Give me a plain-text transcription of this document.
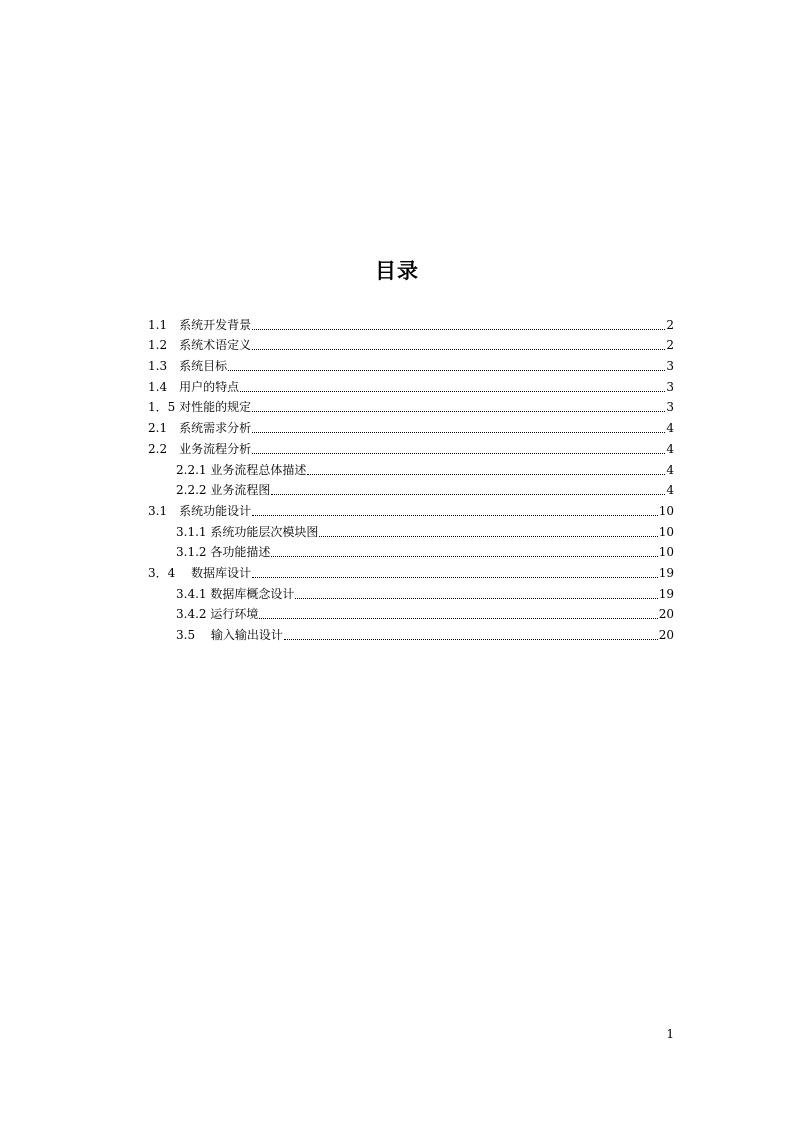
目录
1.1　系统开发背景	2
1.2　系统术语定义	2
1.3　系统目标	3
1.4　用户的特点	3
1．5 对性能的规定	3
2.1　系统需求分析	4
2.2　业务流程分析	4
2.2.1 业务流程总体描述	4
2.2.2 业务流程图	4
3.1　系统功能设计	10
3.1.1 系统功能层次模块图	10
3.1.2 各功能描述	10
3．4　 数据库设计	19
3.4.1 数据库概念设计	19
3.4.2 运行环境	20
3.5　 输入输出设计	20
1
